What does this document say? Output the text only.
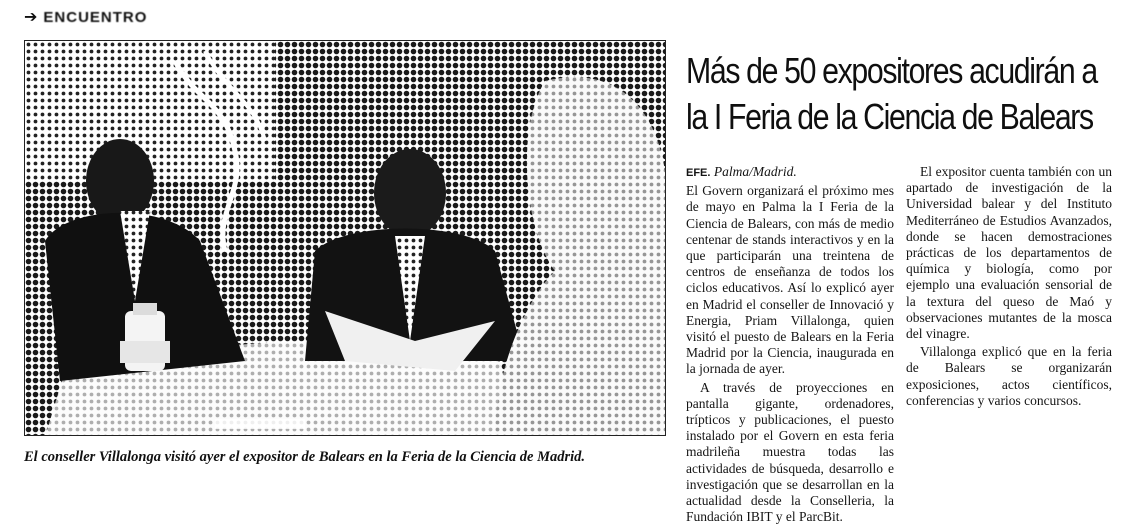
➔ ENCUENTRO
El conseller Villalonga visitó ayer el expositor de Balears en la Feria de la Ciencia de Madrid.
Más de 50 expositores acudirán a
la I Feria de la Ciencia de Balears

EFE. Palma/Madrid.

El Govern organizará el próximo mes de mayo en Palma la I Feria de la Ciencia de Balears, con más de medio centenar de stands interactivos y en la que participarán una treintena de centros de enseñanza de todos los ciclos educativos. Así lo explicó ayer en Madrid el conseller de Innovació y Energia, Priam Villalonga, quien visitó el puesto de Balears en la Feria Madrid por la Ciencia, inaugurada en la jornada de ayer.

A través de proyecciones en pantalla gigante, ordenadores, trípticos y publicaciones, el puesto instalado por el Govern en esta feria madrileña muestra todas las actividades de búsqueda, desarrollo e investigación que se desarrollan en la actualidad desde la Conselleria, la Fundación IBIT y el ParcBit.

El expositor cuenta también con un apartado de investigación de la Universidad balear y del Instituto Mediterráneo de Estudios Avanzados, donde se hacen demostraciones prácticas de los departamentos de química y biología, como por ejemplo una evaluación sensorial de la textura del queso de Maó y observaciones mutantes de la mosca del vinagre.

Villalonga explicó que en la feria de Balears se organizarán exposiciones, actos científicos, conferencias y varios concursos.
